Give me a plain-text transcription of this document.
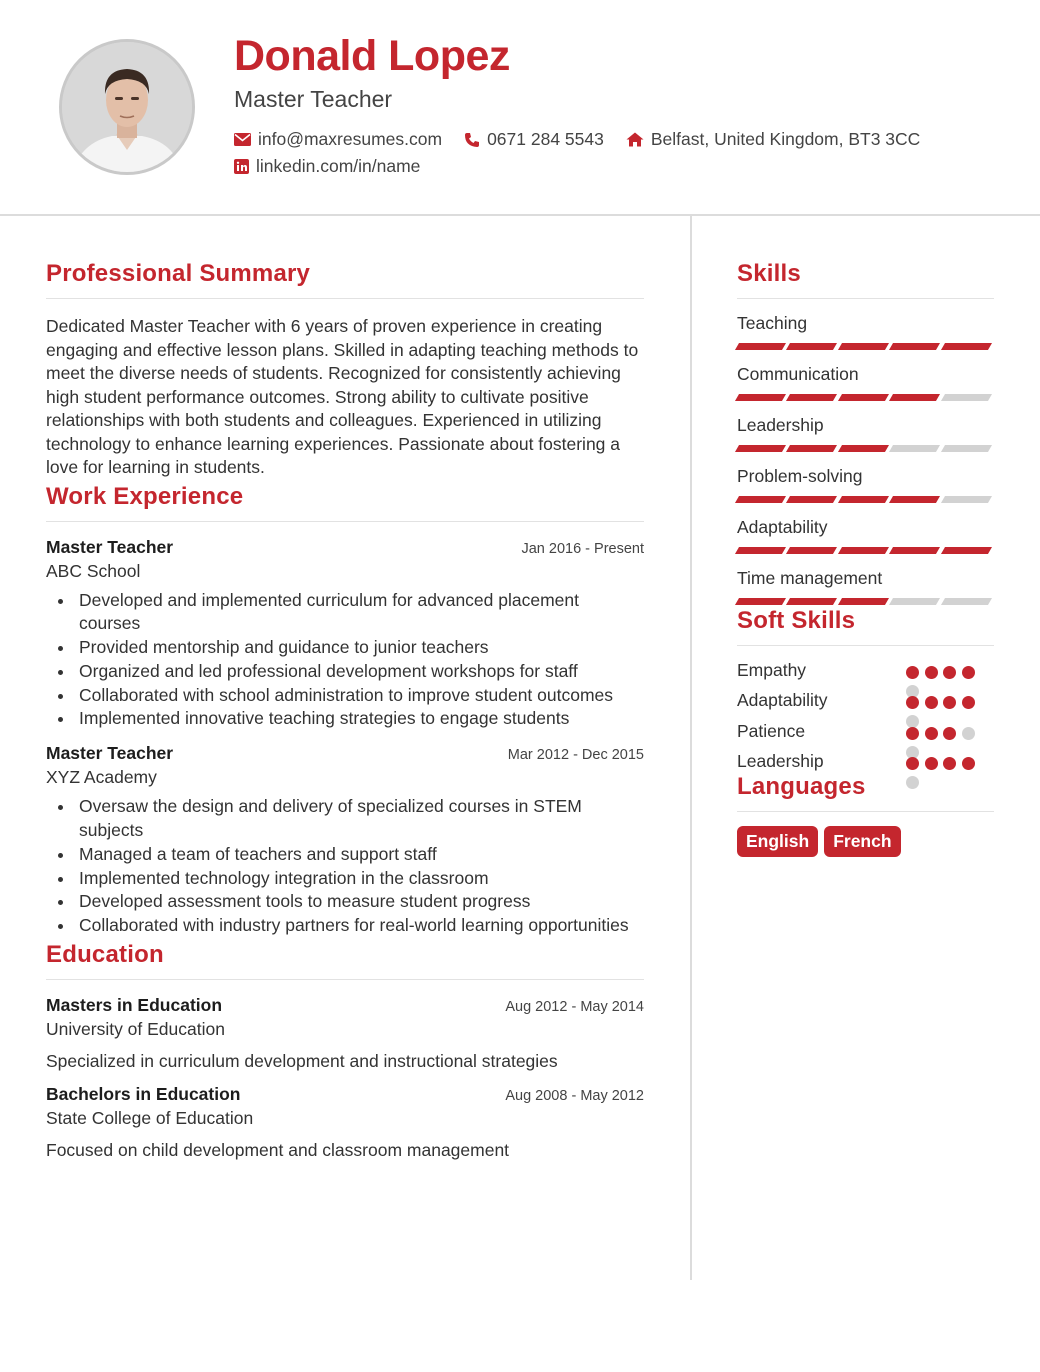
Donald Lopez
Master Teacher
info@maxresumes.com	0671 284 5543	Belfast, United Kingdom, BT3 3CC
linkedin.com/in/name
Professional Summary
Dedicated Master Teacher with 6 years of proven experience in creating engaging and effective lesson plans. Skilled in adapting teaching methods to meet the diverse needs of students. Recognized for consistently achieving high student performance outcomes. Strong ability to cultivate positive relationships with both students and colleagues. Experienced in utilizing technology to enhance learning experiences. Passionate about fostering a love for learning in students.
Work Experience
Master Teacher	Jan 2016 - Present
ABC School
Developed and implemented curriculum for advanced placement courses
Provided mentorship and guidance to junior teachers
Organized and led professional development workshops for staff
Collaborated with school administration to improve student outcomes
Implemented innovative teaching strategies to engage students
Master Teacher	Mar 2012 - Dec 2015
XYZ Academy
Oversaw the design and delivery of specialized courses in STEM subjects
Managed a team of teachers and support staff
Implemented technology integration in the classroom
Developed assessment tools to measure student progress
Collaborated with industry partners for real-world learning opportunities
Education
Masters in Education	Aug 2012 - May 2014
University of Education
Specialized in curriculum development and instructional strategies
Bachelors in Education	Aug 2008 - May 2012
State College of Education
Focused on child development and classroom management
Skills
Teaching
Communication
Leadership
Problem-solving
Adaptability
Time management
Soft Skills
Empathy
Adaptability
Patience
Leadership
Languages
English	French
